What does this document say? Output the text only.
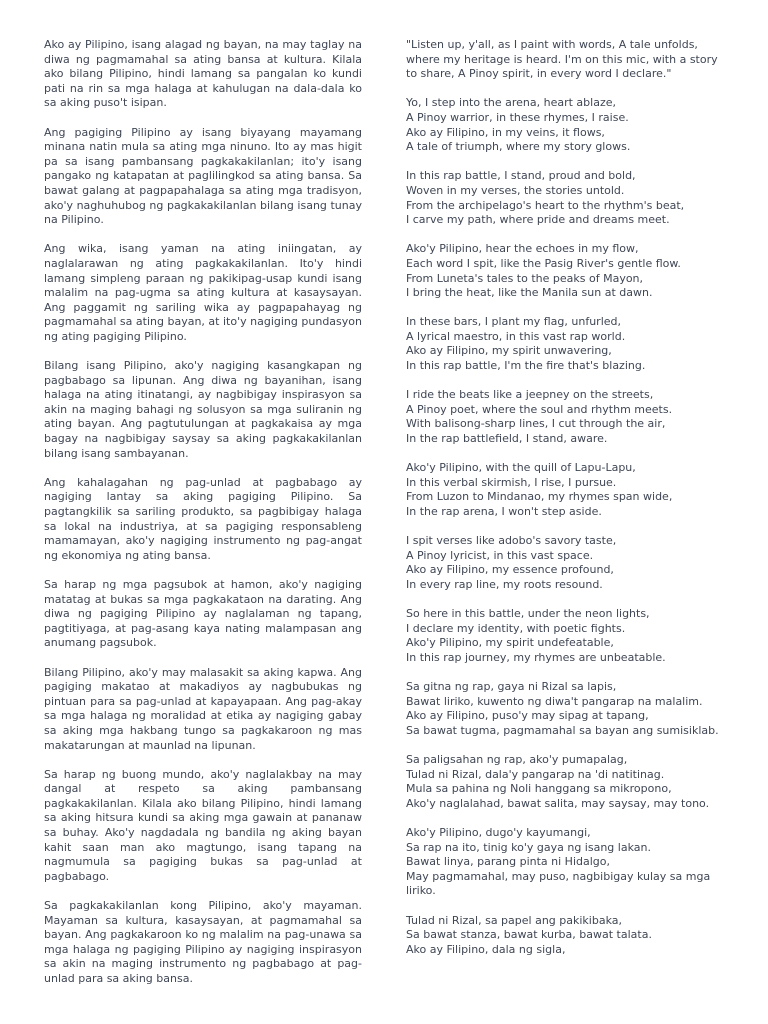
Ako ay Pilipino, isang alagad ng bayan, na may taglay na diwa ng pagmamahal sa ating bansa at kultura. Kilala ako bilang Pilipino, hindi lamang sa pangalan ko kundi pati na rin sa mga halaga at kahulugan na dala-dala ko sa aking puso't isipan.

Ang pagiging Pilipino ay isang biyayang mayamang minana natin mula sa ating mga ninuno. Ito ay mas higit pa sa isang pambansang pagkakakilanlan; ito'y isang pangako ng katapatan at paglilingkod sa ating bansa. Sa bawat galang at pagpapahalaga sa ating mga tradisyon, ako'y naghuhubog ng pagkakakilanlan bilang isang tunay na Pilipino.

Ang wika, isang yaman na ating iniingatan, ay naglalarawan ng ating pagkakakilanlan. Ito'y hindi lamang simpleng paraan ng pakikipag-usap kundi isang malalim na pag-ugma sa ating kultura at kasaysayan. Ang paggamit ng sariling wika ay pagpapahayag ng pagmamahal sa ating bayan, at ito'y nagiging pundasyon ng ating pagiging Pilipino.

Bilang isang Pilipino, ako'y nagiging kasangkapan ng pagbabago sa lipunan. Ang diwa ng bayanihan, isang halaga na ating itinatangi, ay nagbibigay inspirasyon sa akin na maging bahagi ng solusyon sa mga suliranin ng ating bayan. Ang pagtutulungan at pagkakaisa ay mga bagay na nagbibigay saysay sa aking pagkakakilanlan bilang isang sambayanan.

Ang kahalagahan ng pag-unlad at pagbabago ay nagiging lantay sa aking pagiging Pilipino. Sa pagtangkilik sa sariling produkto, sa pagbibigay halaga sa lokal na industriya, at sa pagiging responsableng mamamayan, ako'y nagiging instrumento ng pag-angat ng ekonomiya ng ating bansa.

Sa harap ng mga pagsubok at hamon, ako'y nagiging matatag at bukas sa mga pagkakataon na darating. Ang diwa ng pagiging Pilipino ay naglalaman ng tapang, pagtitiyaga, at pag-asang kaya nating malampasan ang anumang pagsubok.

Bilang Pilipino, ako'y may malasakit sa aking kapwa. Ang pagiging makatao at makadiyos ay nagbubukas ng pintuan para sa pag-unlad at kapayapaan. Ang pag-akay sa mga halaga ng moralidad at etika ay nagiging gabay sa aking mga hakbang tungo sa pagkakaroon ng mas makatarungan at maunlad na lipunan.

Sa harap ng buong mundo, ako'y naglalakbay na may dangal at respeto sa aking pambansang pagkakakilanlan. Kilala ako bilang Pilipino, hindi lamang sa aking hitsura kundi sa aking mga gawain at pananaw sa buhay. Ako'y nagdadala ng bandila ng aking bayan kahit saan man ako magtungo, isang tapang na nagmumula sa pagiging bukas sa pag-unlad at pagbabago.

Sa pagkakakilanlan kong Pilipino, ako'y mayaman. Mayaman sa kultura, kasaysayan, at pagmamahal sa bayan. Ang pagkakaroon ko ng malalim na pag-unawa sa mga halaga ng pagiging Pilipino ay nagiging inspirasyon sa akin na maging instrumento ng pagbabago at pag-unlad para sa aking bansa.

"Listen up, y'all, as I paint with words, A tale unfolds, where my heritage is heard. I'm on this mic, with a story to share, A Pinoy spirit, in every word I declare."

Yo, I step into the arena, heart ablaze,
A Pinoy warrior, in these rhymes, I raise.
Ako ay Filipino, in my veins, it flows,
A tale of triumph, where my story glows.

In this rap battle, I stand, proud and bold,
Woven in my verses, the stories untold.
From the archipelago's heart to the rhythm's beat,
I carve my path, where pride and dreams meet.

Ako'y Pilipino, hear the echoes in my flow,
Each word I spit, like the Pasig River's gentle flow.
From Luneta's tales to the peaks of Mayon,
I bring the heat, like the Manila sun at dawn.

In these bars, I plant my flag, unfurled,
A lyrical maestro, in this vast rap world.
Ako ay Filipino, my spirit unwavering,
In this rap battle, I'm the fire that's blazing.

I ride the beats like a jeepney on the streets,
A Pinoy poet, where the soul and rhythm meets.
With balisong-sharp lines, I cut through the air,
In the rap battlefield, I stand, aware.

Ako'y Pilipino, with the quill of Lapu-Lapu,
In this verbal skirmish, I rise, I pursue.
From Luzon to Mindanao, my rhymes span wide,
In the rap arena, I won't step aside.

I spit verses like adobo's savory taste,
A Pinoy lyricist, in this vast space.
Ako ay Filipino, my essence profound,
In every rap line, my roots resound.

So here in this battle, under the neon lights,
I declare my identity, with poetic fights.
Ako'y Pilipino, my spirit undefeatable,
In this rap journey, my rhymes are unbeatable.

Sa gitna ng rap, gaya ni Rizal sa lapis,
Bawat liriko, kuwento ng diwa't pangarap na malalim.
Ako ay Filipino, puso'y may sipag at tapang,
Sa bawat tugma, pagmamahal sa bayan ang sumisiklab.

Sa paligsahan ng rap, ako'y pumapalag,
Tulad ni Rizal, dala'y pangarap na 'di natitinag.
Mula sa pahina ng Noli hanggang sa mikropono,
Ako'y naglalahad, bawat salita, may saysay, may tono.

Ako'y Pilipino, dugo'y kayumangi,
Sa rap na ito, tinig ko'y gaya ng isang lakan.
Bawat linya, parang pinta ni Hidalgo,
May pagmamahal, may puso, nagbibigay kulay sa mga liriko.

Tulad ni Rizal, sa papel ang pakikibaka,
Sa bawat stanza, bawat kurba, bawat talata.
Ako ay Filipino, dala ng sigla,
